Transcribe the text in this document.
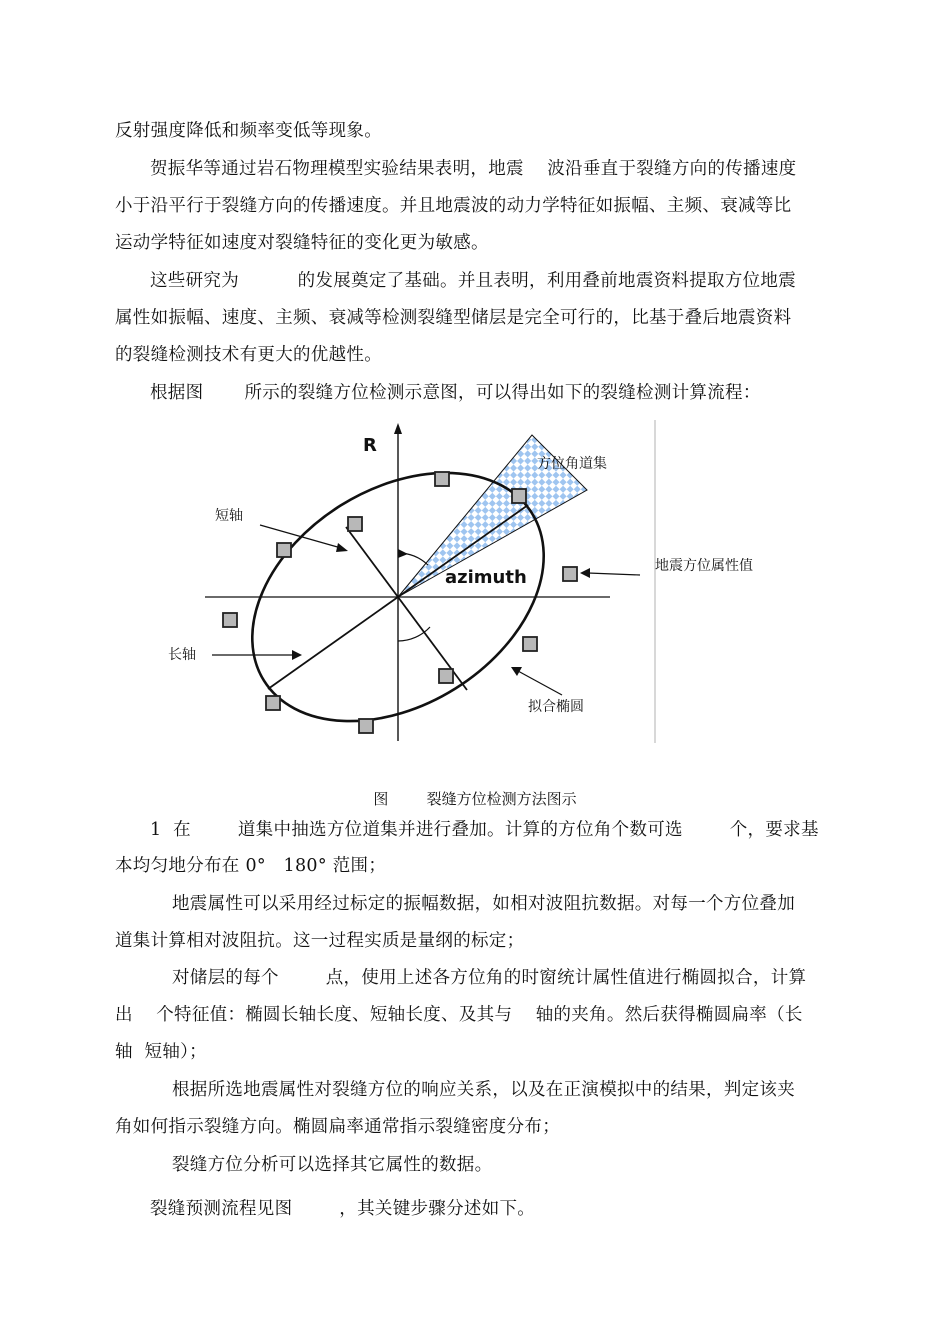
反射强度降低和频率变低等现象。
贺振华等通过岩石物理模型实验结果表明，地震    波沿垂直于裂缝方向的传播速度
小于沿平行于裂缝方向的传播速度。并且地震波的动力学特征如振幅、主频、衰减等比
运动学特征如速度对裂缝特征的变化更为敏感。
这些研究为          的发展奠定了基础。并且表明，利用叠前地震资料提取方位地震
属性如振幅、速度、主频、衰减等检测裂缝型储层是完全可行的，比基于叠后地震资料
的裂缝检测技术有更大的优越性。
根据图       所示的裂缝方位检测示意图，可以得出如下的裂缝检测计算流程：
R
azimuth
方位角道集
短轴
地震方位属性值
长轴
拟合椭圆
图        裂缝方位检测方法图示
1  在        道集中抽选方位道集并进行叠加。计算的方位角个数可选        个，要求基
本均匀地分布在 0°   180° 范围；
地震属性可以采用经过标定的振幅数据，如相对波阻抗数据。对每一个方位叠加
道集计算相对波阻抗。这一过程实质是量纲的标定；
对储层的每个        点，使用上述各方位角的时窗统计属性值进行椭圆拟合，计算
出    个特征值：椭圆长轴长度、短轴长度、及其与    轴的夹角。然后获得椭圆扁率（长
轴  短轴）；
根据所选地震属性对裂缝方位的响应关系，以及在正演模拟中的结果，判定该夹
角如何指示裂缝方向。椭圆扁率通常指示裂缝密度分布；
裂缝方位分析可以选择其它属性的数据。
裂缝预测流程见图        ，其关键步骤分述如下。
